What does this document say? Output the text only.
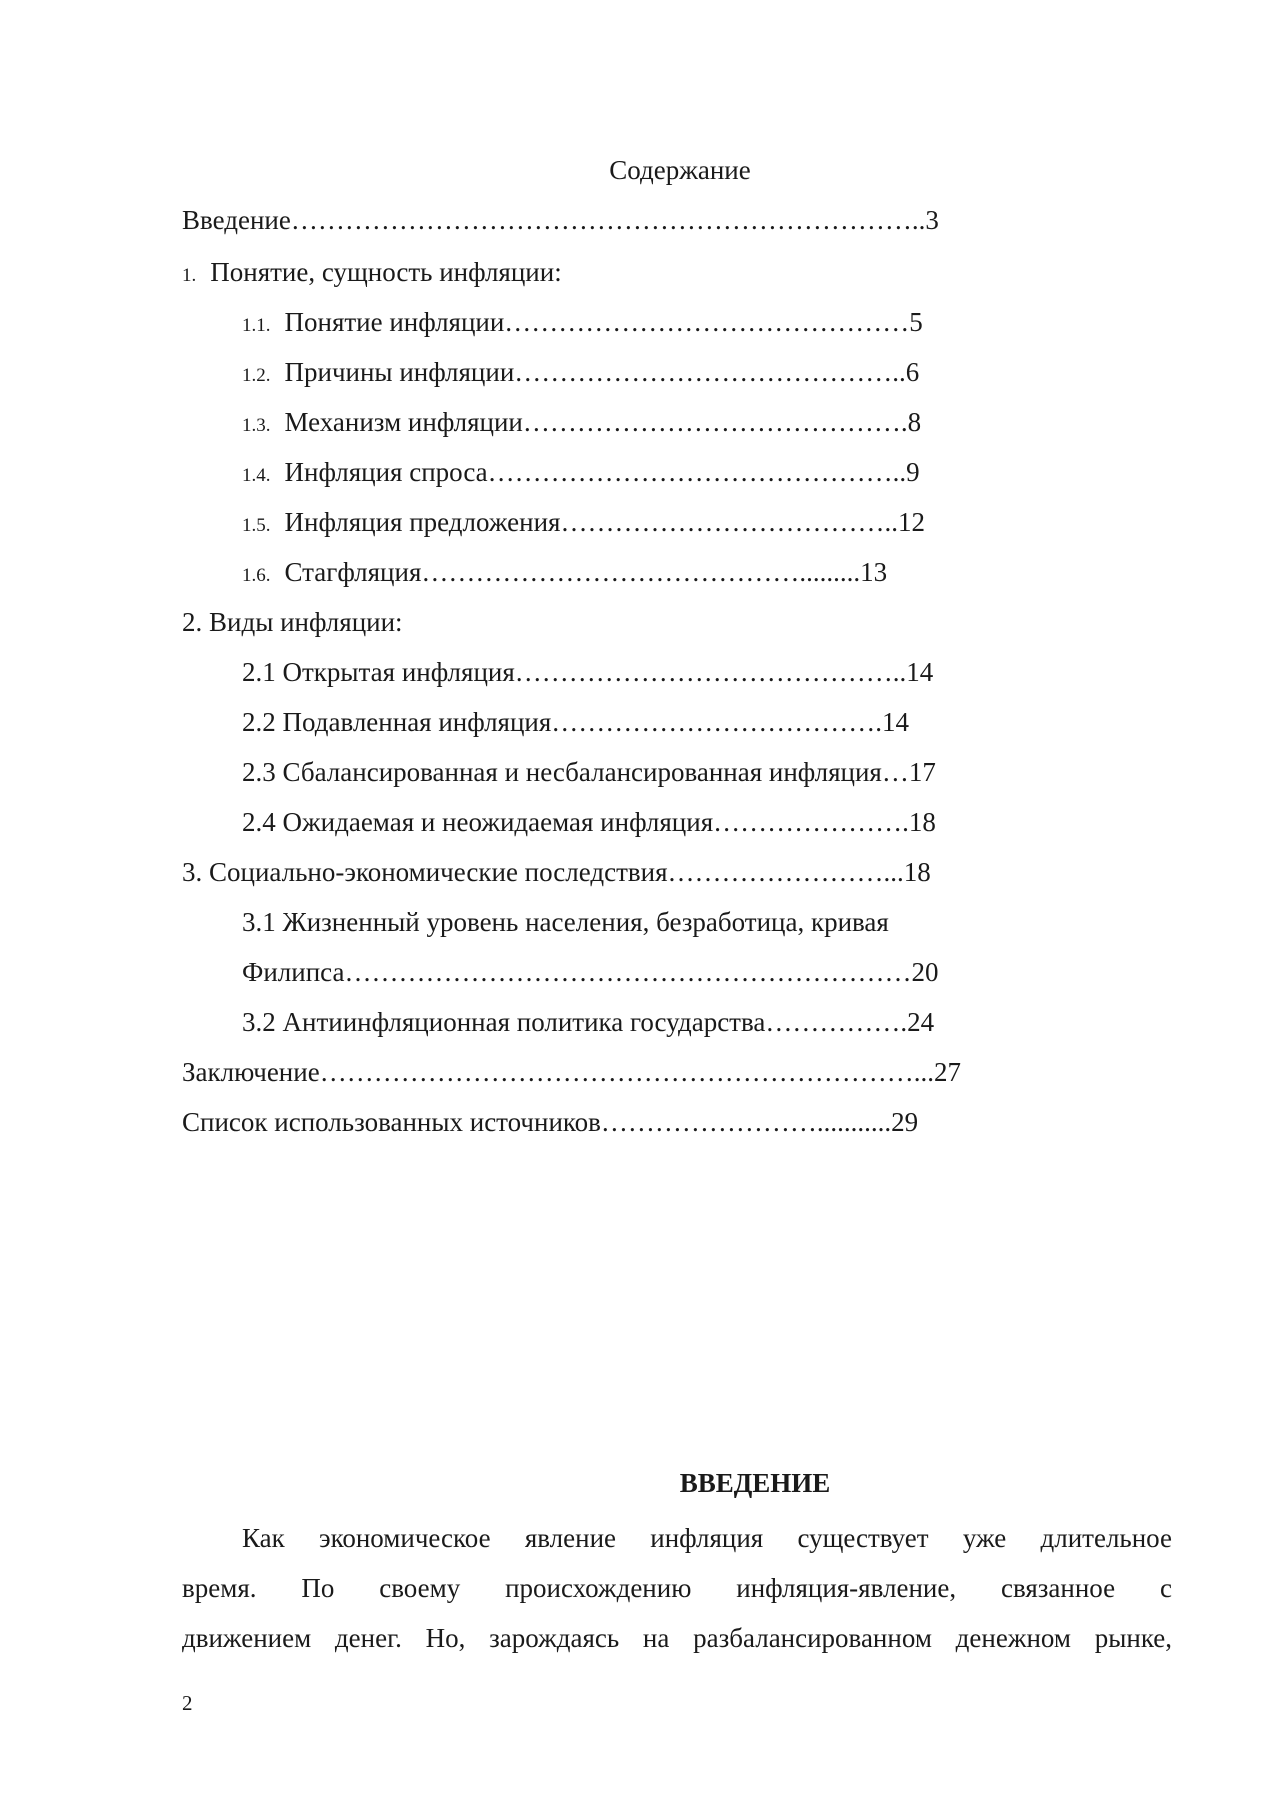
Содержание
Введение……………………………………………………………..3
1. Понятие, сущность инфляции:
1.1. Понятие инфляции………………………………………5
1.2. Причины инфляции……………………………………..6
1.3. Механизм инфляции…………………………………….8
1.4. Инфляция спроса………………………………………..9
1.5. Инфляция предложения………………………………..12
1.6. Стагфляция…………………………………….........13
2. Виды инфляции:
2.1 Открытая инфляция……………………………………..14
2.2 Подавленная инфляция……………………………….14
2.3 Сбалансированная и несбалансированная инфляция…17
2.4 Ожидаемая и неожидаемая инфляция………………….18
3. Социально-экономические последствия……………………...18
3.1 Жизненный уровень населения, безработица, кривая
Филипса………………………………………………………20
3.2 Антиинфляционная политика государства…………….24
Заключение…………………………………………………………...27
Список использованных источников……………………...........29
ВВЕДЕНИЕ
Как экономическое явление инфляция существует уже длительное
время. По своему происхождению инфляция-явление, связанное с
движением денег. Но, зарождаясь на разбалансированном денежном рынке,
2
